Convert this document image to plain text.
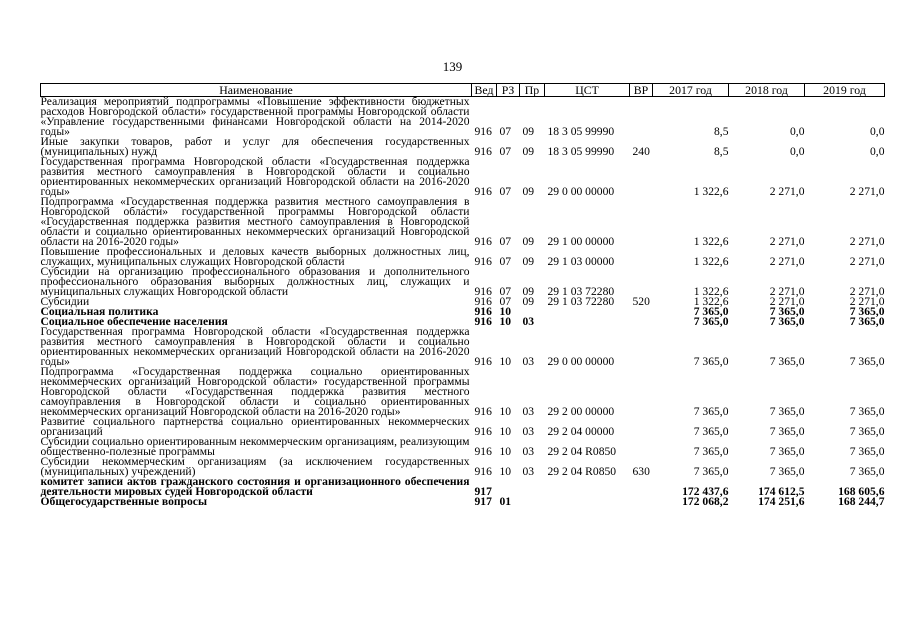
139
Наименование	Вед	РЗ	Пр	ЦСТ	ВР	2017 год	2018 год	2019 год
Реализация мероприятий подпрограммы «Повышение эффективности бюджетных расходов Новгородской области» государственной программы Новгородской области «Управление государственными финансами Новгородской области на 2014-2020 годы»	916	07	09	18 3 05 99990		8,5	0,0	0,0
Иные закупки товаров, работ и услуг для обеспечения государственных (муниципальных) нужд	916	07	09	18 3 05 99990	240	8,5	0,0	0,0
Государственная программа Новгородской области «Государственная поддержка развития местного самоуправления в Новгородской области и социально ориентированных некоммерческих организаций Новгородской области на 2016-2020 годы»	916	07	09	29 0 00 00000		1 322,6	2 271,0	2 271,0
Подпрограмма «Государственная поддержка развития местного самоуправления в Новгородской области» государственной программы Новгородской области «Государственная поддержка развития местного самоуправления в Новгородской области и социально ориентированных некоммерческих организаций Новгородской области на 2016-2020 годы»	916	07	09	29 1 00 00000		1 322,6	2 271,0	2 271,0
Повышение профессиональных и деловых качеств выборных должностных лиц, служащих, муниципальных служащих Новгородской области	916	07	09	29 1 03 00000		1 322,6	2 271,0	2 271,0
Субсидии на организацию профессионального образования и дополнительного профессионального образования выборных должностных лиц, служащих и муниципальных служащих Новгородской области	916	07	09	29 1 03 72280		1 322,6	2 271,0	2 271,0
Субсидии	916	07	09	29 1 03 72280	520	1 322,6	2 271,0	2 271,0
Социальная политика	916	10				7 365,0	7 365,0	7 365,0
Социальное обеспечение населения	916	10	03			7 365,0	7 365,0	7 365,0
Государственная программа Новгородской области «Государственная поддержка развития местного самоуправления в Новгородской области и социально ориентированных некоммерческих организаций Новгородской области на 2016-2020 годы»	916	10	03	29 0 00 00000		7 365,0	7 365,0	7 365,0
Подпрограмма «Государственная поддержка социально ориентированных некоммерческих организаций Новгородской области» государственной программы Новгородской области «Государственная поддержка развития местного самоуправления в Новгородской области и социально ориентированных некоммерческих организаций Новгородской области на 2016-2020 годы»	916	10	03	29 2 00 00000		7 365,0	7 365,0	7 365,0
Развитие социального партнерства социально ориентированных некоммерческих организаций	916	10	03	29 2 04 00000		7 365,0	7 365,0	7 365,0
Субсидии социально ориентированным некоммерческим организациям, реализующим общественно-полезные программы	916	10	03	29 2 04 R0850		7 365,0	7 365,0	7 365,0
Субсидии некоммерческим организациям (за исключением государственных (муниципальных) учреждений)	916	10	03	29 2 04 R0850	630	7 365,0	7 365,0	7 365,0
комитет записи актов гражданского состояния и организационного обеспечения деятельности мировых судей Новгородской области	917					172 437,6	174 612,5	168 605,6
Общегосударственные вопросы	917	01				172 068,2	174 251,6	168 244,7
